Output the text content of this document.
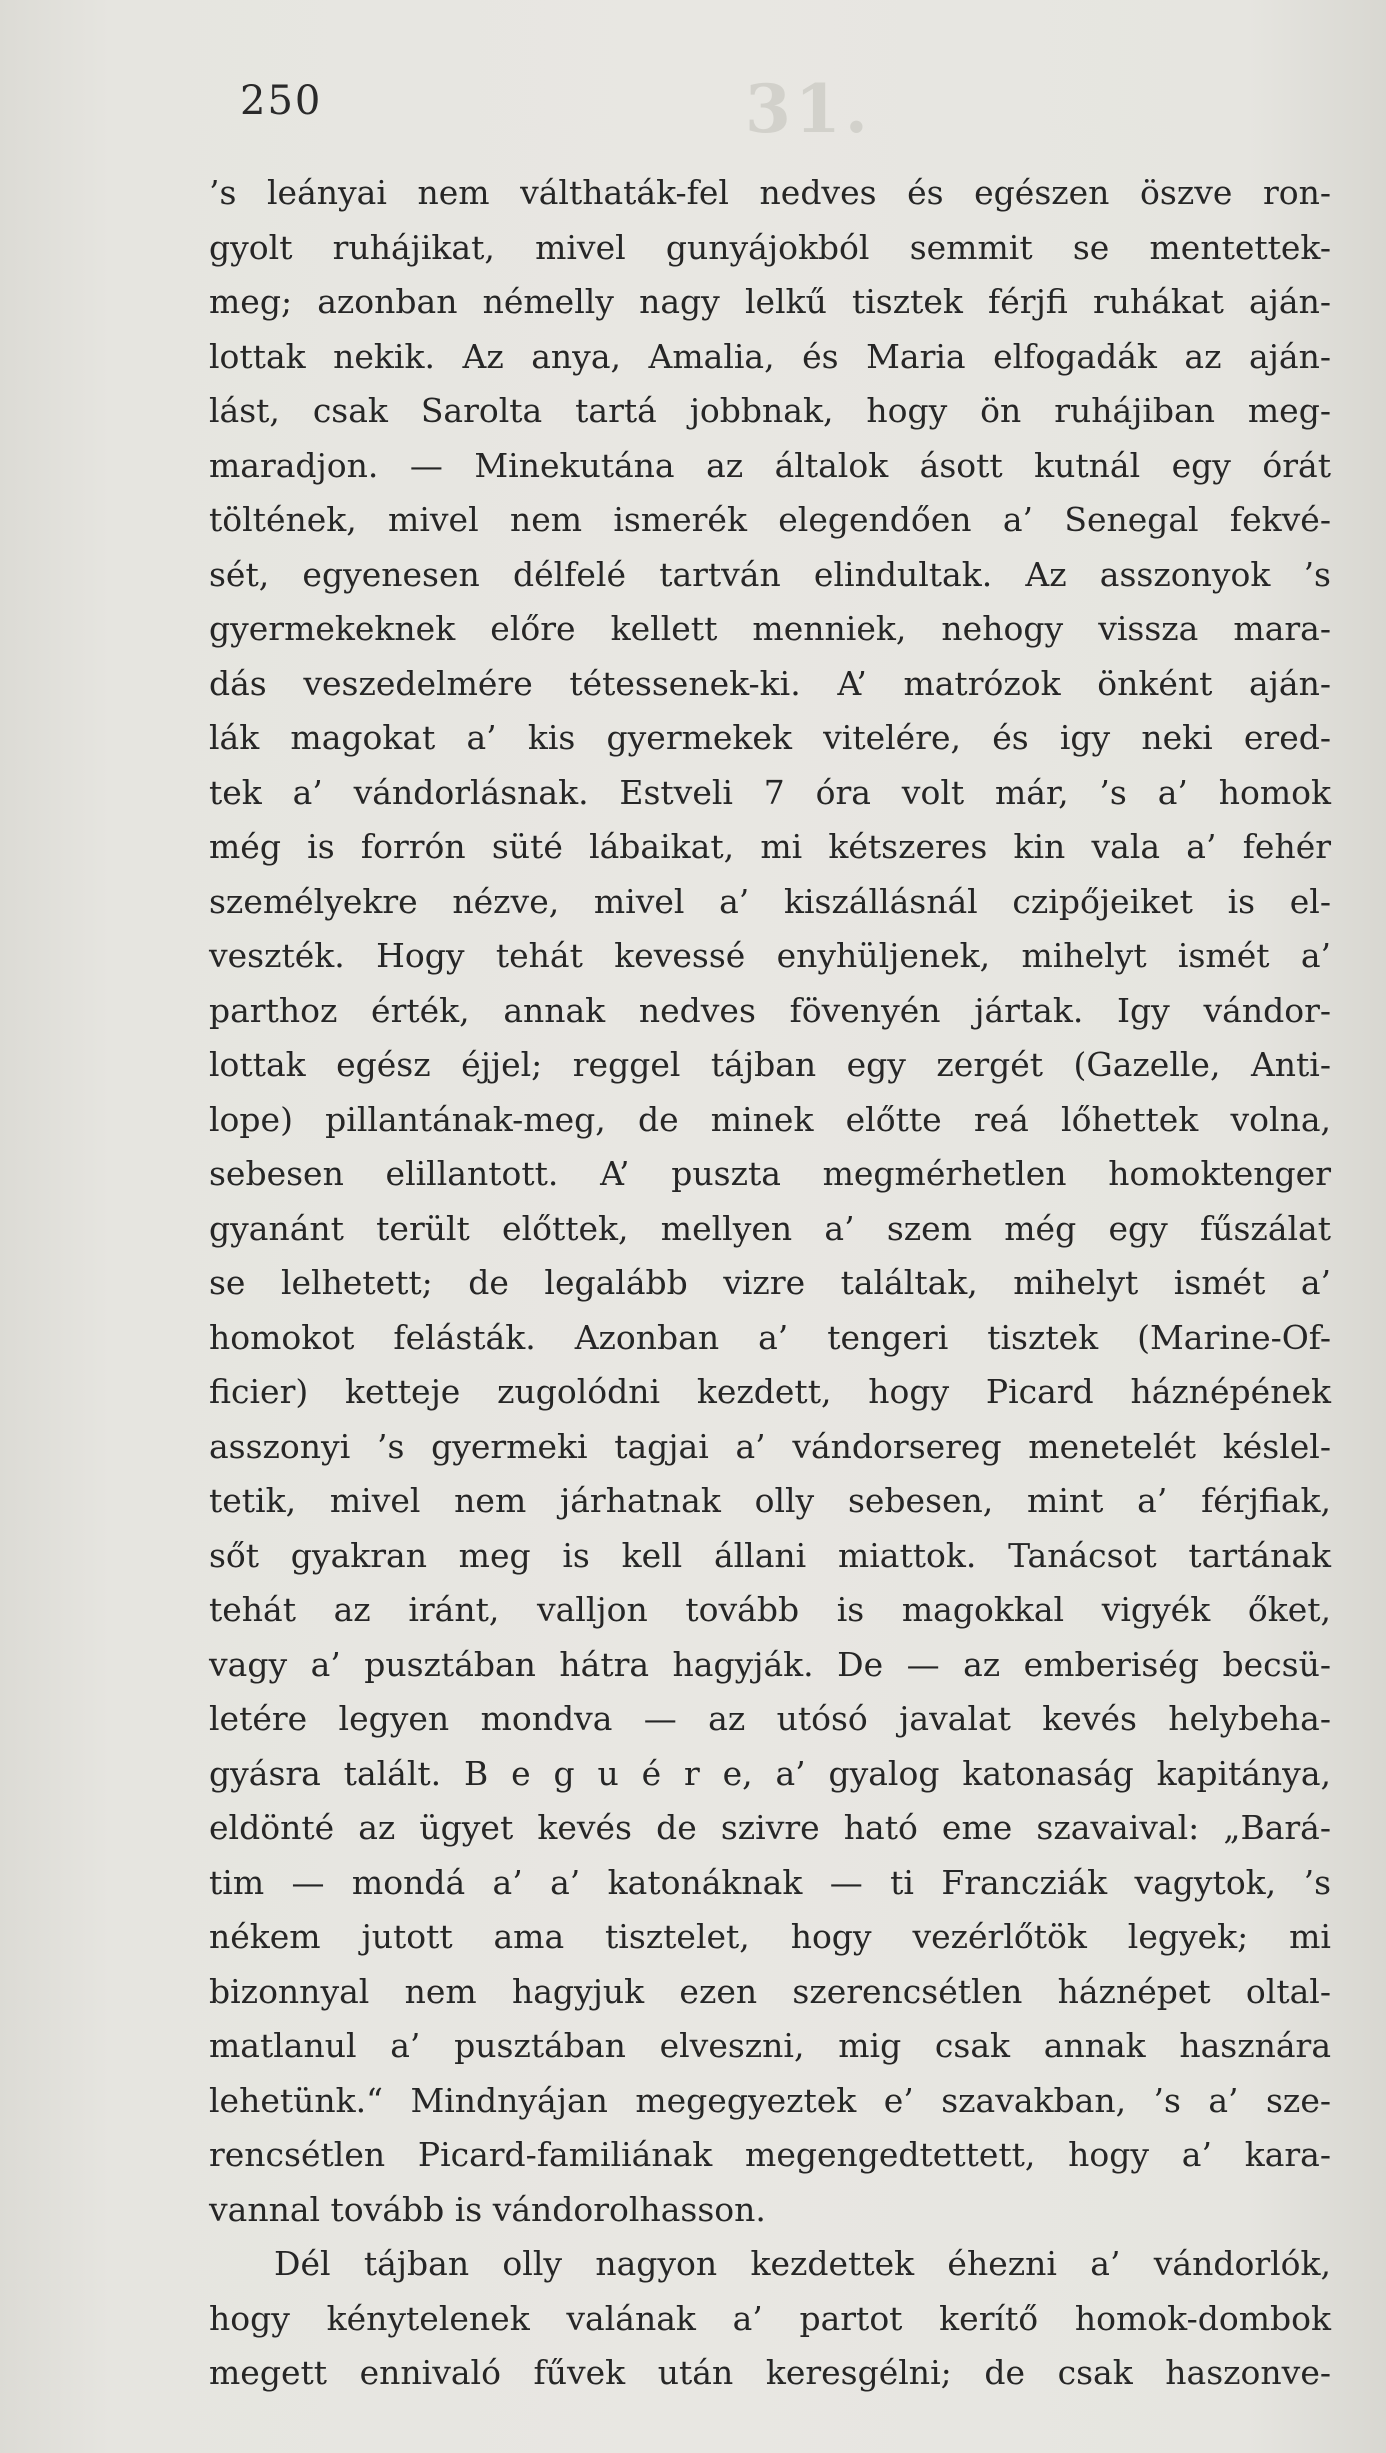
31.
250
’s leányai nem válthaták-fel nedves és egészen öszve ron-
gyolt ruhájikat, mivel gunyájokból semmit se mentettek-
meg; azonban némelly nagy lelkű tisztek férjfi ruhákat aján-
lottak nekik. Az anya, Amalia, és Maria elfogadák az aján-
lást, csak Sarolta tartá jobbnak, hogy ön ruhájiban meg-
maradjon. — Minekutána az általok ásott kutnál egy órát
töltének, mivel nem ismerék elegendően a’ Senegal fekvé-
sét, egyenesen délfelé tartván elindultak. Az asszonyok ’s
gyermekeknek előre kellett menniek, nehogy vissza mara-
dás veszedelmére tétessenek-ki. A’ matrózok önként aján-
lák magokat a’ kis gyermekek vitelére, és igy neki ered-
tek a’ vándorlásnak. Estveli 7 óra volt már, ’s a’ homok
még is forrón süté lábaikat, mi kétszeres kin vala a’ fehér
személyekre nézve, mivel a’ kiszállásnál czipőjeiket is el-
veszték. Hogy tehát kevessé enyhüljenek, mihelyt ismét a’
parthoz érték, annak nedves fövenyén jártak. Igy vándor-
lottak egész éjjel; reggel tájban egy zergét (Gazelle, Anti-
lope) pillantának-meg, de minek előtte reá lőhettek volna,
sebesen elillantott. A’ puszta megmérhetlen homoktenger
gyanánt terült előttek, mellyen a’ szem még egy fűszálat
se lelhetett; de legalább vizre találtak, mihelyt ismét a’
homokot felásták. Azonban a’ tengeri tisztek (Marine-Of-
ficier) ketteje zugolódni kezdett, hogy Picard háznépének
asszonyi ’s gyermeki tagjai a’ vándorsereg menetelét késlel-
tetik, mivel nem járhatnak olly sebesen, mint a’ férjfiak,
sőt gyakran meg is kell állani miattok. Tanácsot tartának
tehát az iránt, valljon tovább is magokkal vigyék őket,
vagy a’ pusztában hátra hagyják. De — az emberiség becsü-
letére legyen mondva — az utósó javalat kevés helybeha-
gyásra talált. B e g u é r e, a’ gyalog katonaság kapitánya,
eldönté az ügyet kevés de szivre ható eme szavaival: „Bará-
tim — mondá a’ a’ katonáknak — ti Francziák vagytok, ’s
nékem jutott ama tisztelet, hogy vezérlőtök legyek; mi
bizonnyal nem hagyjuk ezen szerencsétlen háznépet oltal-
matlanul a’ pusztában elveszni, mig csak annak hasznára
lehetünk.“ Mindnyájan megegyeztek e’ szavakban, ’s a’ sze-
rencsétlen Picard-familiának megengedtettett, hogy a’ kara-
vannal tovább is vándorolhasson.
Dél tájban olly nagyon kezdettek éhezni a’ vándorlók,
hogy kénytelenek valának a’ partot kerítő homok-dombok
megett ennivaló fűvek után keresgélni; de csak haszonve-
